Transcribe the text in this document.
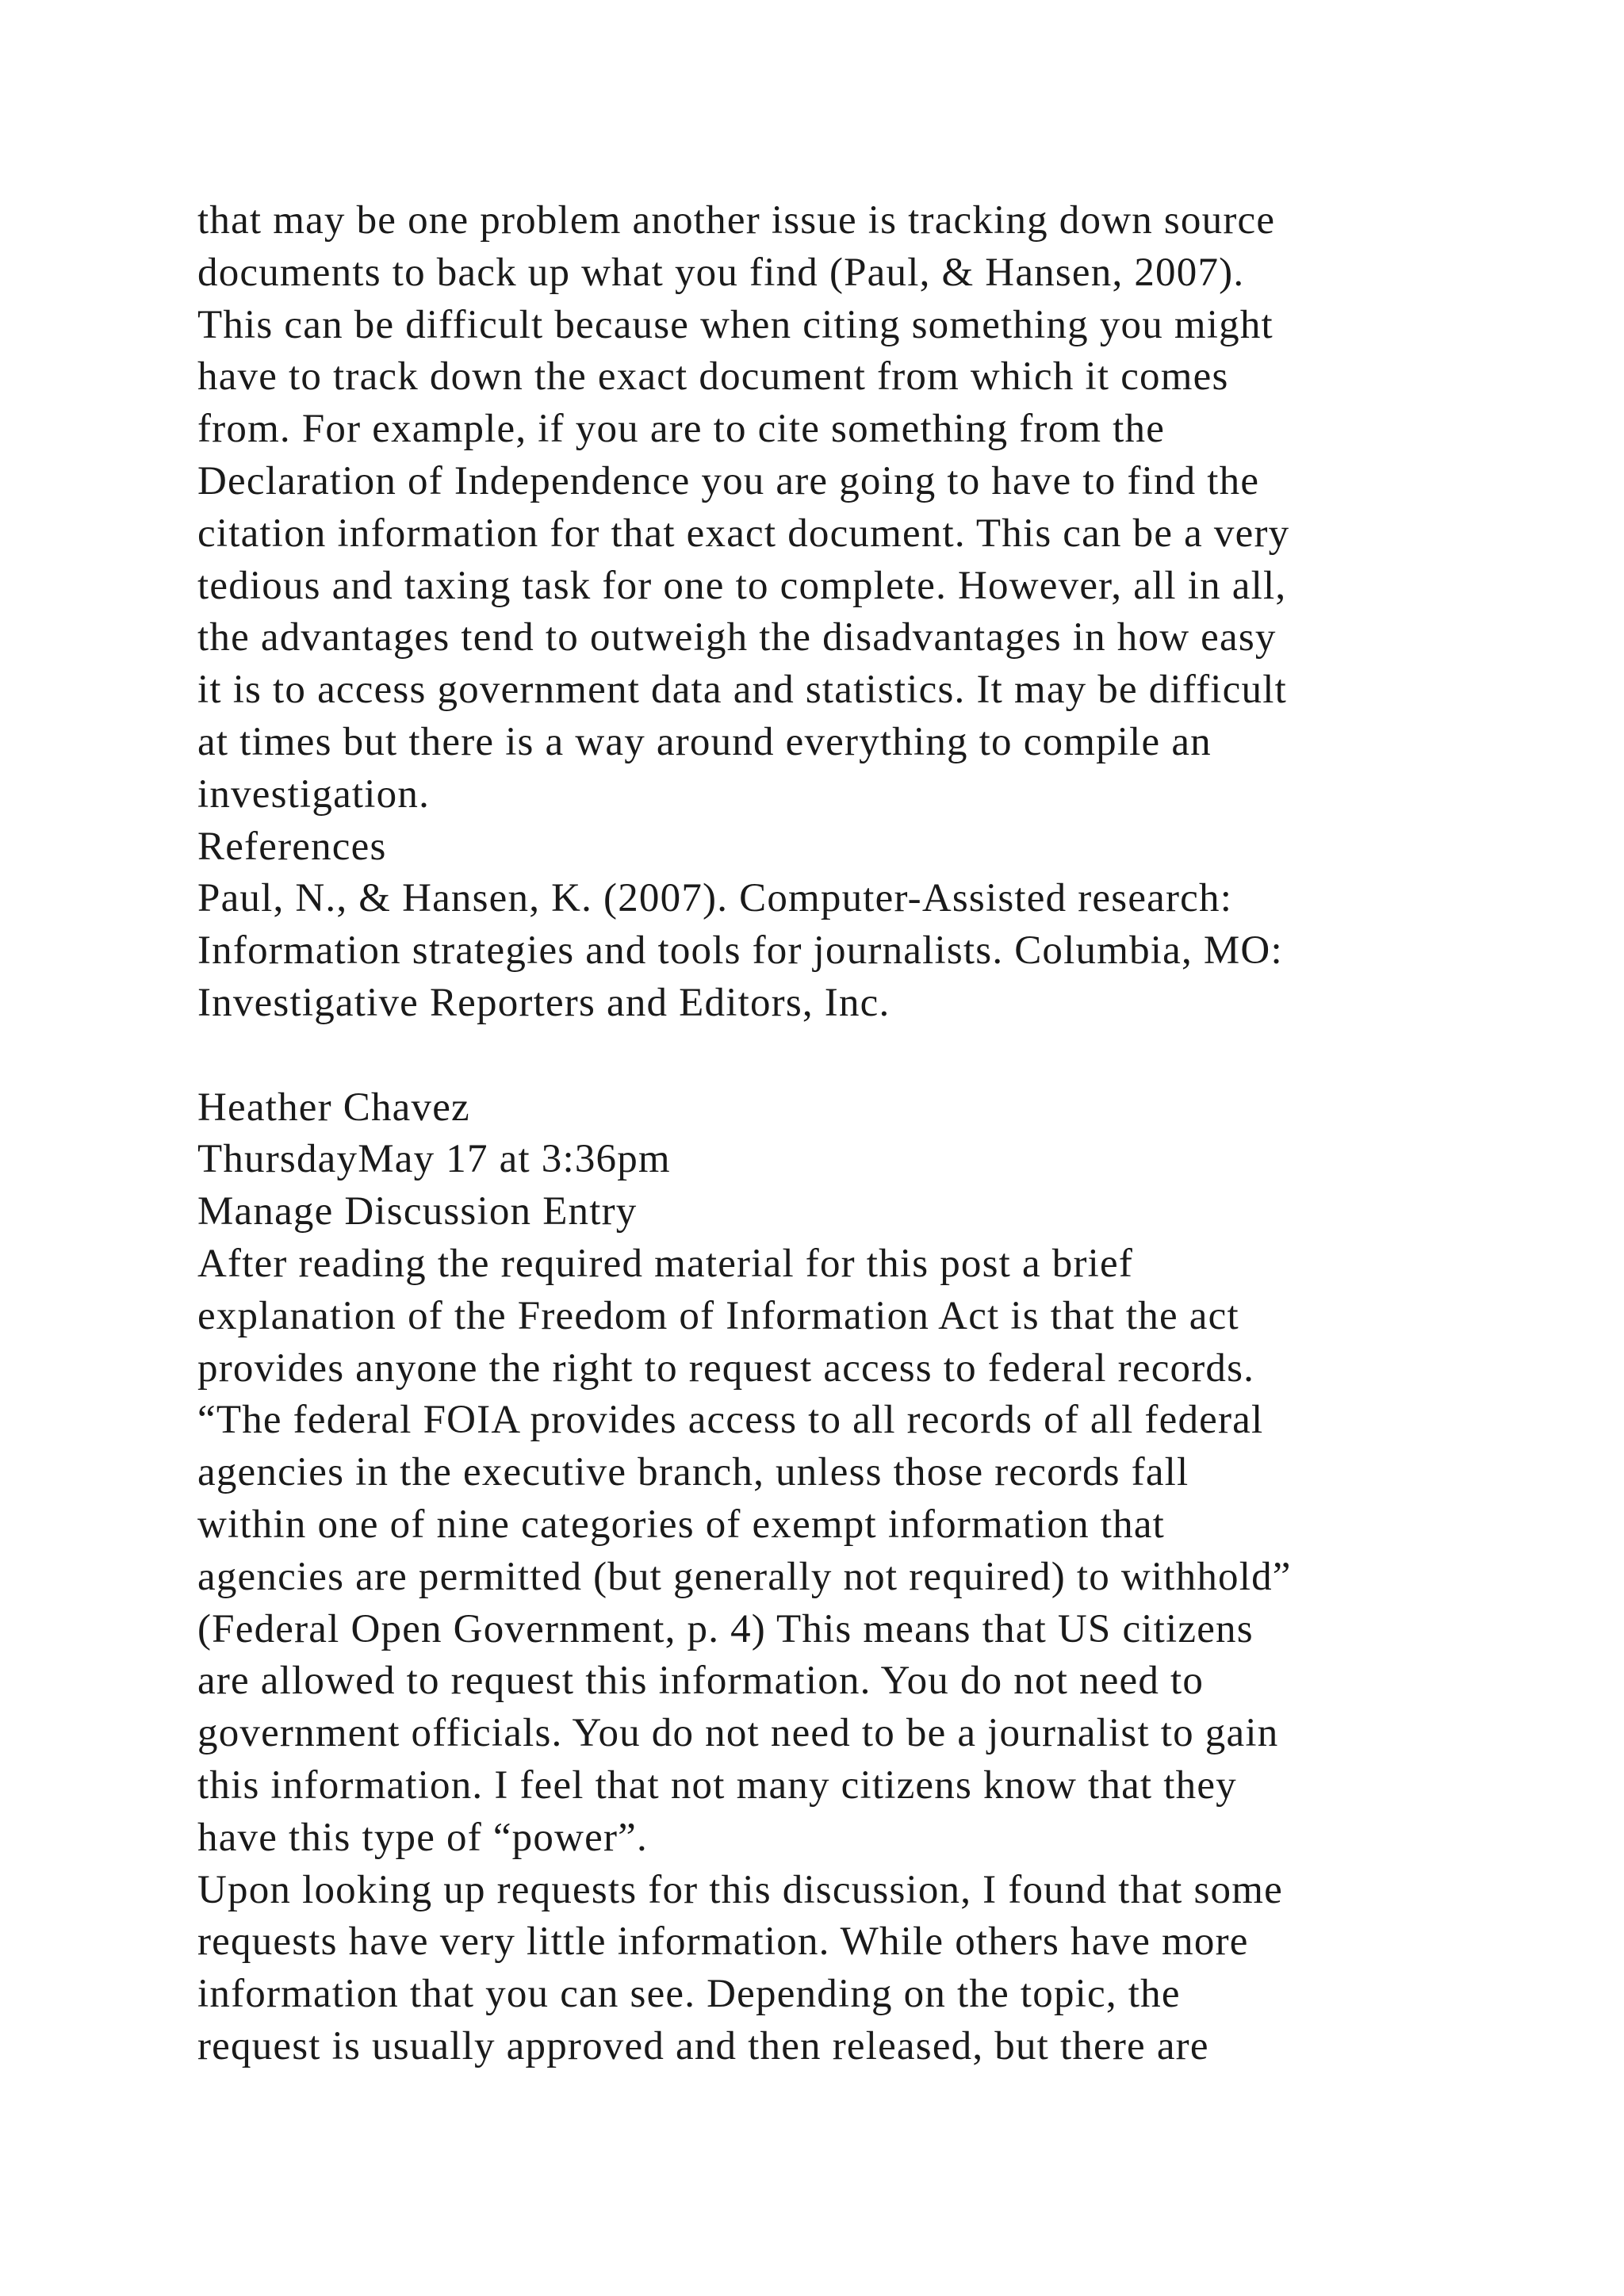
that may be one problem another issue is tracking down source
documents to back up what you find (Paul, & Hansen, 2007).
This can be difficult because when citing something you might
have to track down the exact document from which it comes
from. For example, if you are to cite something from the
Declaration of Independence you are going to have to find the
citation information for that exact document. This can be a very
tedious and taxing task for one to complete. However, all in all,
the advantages tend to outweigh the disadvantages in how easy
it is to access government data and statistics. It may be difficult
at times but there is a way around everything to compile an
investigation.
References
Paul, N., & Hansen, K. (2007). Computer-Assisted research:
Information strategies and tools for journalists. Columbia, MO:
Investigative Reporters and Editors, Inc.
Heather Chavez
ThursdayMay 17 at 3:36pm
Manage Discussion Entry
After reading the required material for this post a brief
explanation of the Freedom of Information Act is that the act
provides anyone the right to request access to federal records.
“The federal FOIA provides access to all records of all federal
agencies in the executive branch, unless those records fall
within one of nine categories of exempt information that
agencies are permitted (but generally not required) to withhold”
(Federal Open Government, p. 4) This means that US citizens
are allowed to request this information. You do not need to
government officials. You do not need to be a journalist to gain
this information. I feel that not many citizens know that they
have this type of “power”.
Upon looking up requests for this discussion, I found that some
requests have very little information. While others have more
information that you can see. Depending on the topic, the
request is usually approved and then released, but there are
